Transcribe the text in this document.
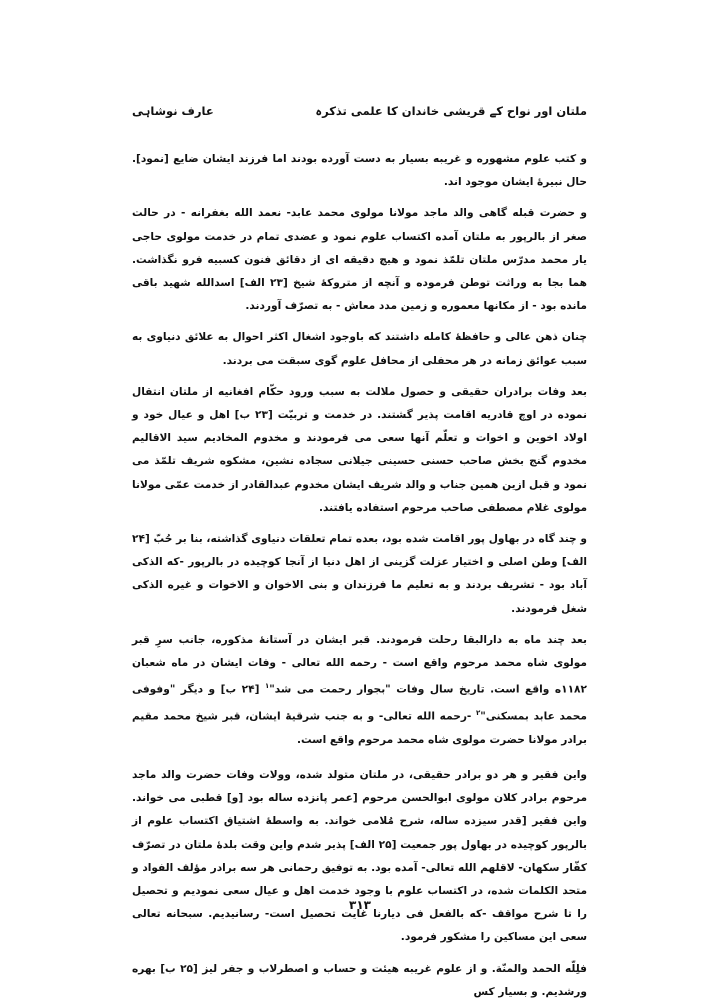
ملتان اور نواح کے قریشی خاندان کا علمی تذکرہ
عارف نوشاہی

و کتب علوم مشهوره و غریبه بسیار به دست آورده بودند اما فرزند ایشان ضایع [نمود]. حال نبیرهٔ ایشان موجود اند.

و حضرت قبله گاهی والد ماجد مولانا مولوی محمد عابد- نعمد الله بغفرانه - در حالت صغر از بالرپور به ملتان آمده اکتساب علوم نمود و عضدی تمام در خدمت مولوی حاجی یار محمد مدرّس ملتان تلمّذ نمود و هیچ دقیقه ای از دقائق فنون کسبیه فرو نگذاشت. هما بجا به وراثت توطن فرموده و آنچه از متروکهٔ شیخ [۲۳ الف] اسدالله شهید باقی مانده بود - از مکانها معموره و زمین مدد معاش - به تصرّف آوردند.

چنان ذهن عالی و حافظهٔ کامله داشتند که باوجود اشغال اکثر احوال به علائق دنیاوی به سبب عوائق زمانه در هر محفلی از محافل علوم گوی سبقت می بردند.

بعد وفات برادران حقیقی و حصول ملالت به سبب ورود حکّام افغانیه از ملتان انتقال نموده در اوچ قادریه اقامت پذیر گشتند. در خدمت و تربیّت [۲۳ ب] اهل و عیال خود و اولاد اخوین و اخوات و تعلّم آنها سعی می فرمودند و مخدوم المخادیم سید الاقالیم مخدوم گنج بخش صاحب حسنی حسینی جیلانی سجاده نشین، مشکوه شریف تلمّذ می نمود و قبل ازین همین جناب و والد شریف ایشان مخدوم عبدالقادر از خدمت عمّی مولانا مولوی غلام مصطفی صاحب مرحوم استفاده یافتند.

و چند گاه در بهاول پور اقامت شده بود، بعده تمام تعلقات دنیاوی گذاشته، بنا بر حُبّ [۲۴ الف] وطن اصلی و اختیار عزلت گزینی از اهل دنیا از آنجا کوچیده در بالرپور -که الذکی آباد بود - تشریف بردند و به تعلیم ما فرزندان و بنی الاخوان و الاخوات و غیره الذکی شغل فرمودند.

بعد چند ماه به دارالبقا رحلت فرمودند. قبر ایشان در آستانهٔ مذکوره، جانب سرِ قبر مولوی شاه محمد مرحوم واقع است - رحمه الله تعالی - وفات ایشان در ماه شعبان ۱۱۸۲ه واقع است. تاریخ سال وفات "بجوار رحمت می شد"$^۱$ [۲۴ ب] و دیگر "وفوفی محمد عابد بمسکنی"$^۲$ -رحمه الله تعالی- و به جنب شرقیهٔ ایشان، قبر شیخ محمد مقیم برادر مولانا حضرت مولوی شاه محمد مرحوم واقع است.

واین فقیر و هر دو برادر حقیقی، در ملتان متولد شده، وولات وفات حضرت والد ماجد مرحوم برادر کلان مولوی ابوالحسن مرحوم [عمر پانزده ساله بود [و] قطبی می خواند. واین فقیر [قدر سیزده ساله، شرح مُلامی خواند. به واسطهٔ اشتیاق اکتساب علوم از بالرپور کوچیده در بهاول پور جمعیت [۲۵ الف] پذیر شدم واین وقت بلدهٔ ملتان در تصرّف کفّار سکهان- لاقلهم الله تعالی- آمده بود. به توفیق رحمانی هر سه برادر مؤلف الفواد و متحد الکلمات شده، در اکتساب علوم با وجود خدمت اهل و عیال سعی نمودیم و تحصیل را تا شرح مواقف -که بالفعل فی دیارنا غایت تحصیل است- رسانیدیم. سبحانه تعالی سعی این مساکین را مشکور فرمود.

فلِلّه الحمد والمنّة. و از علوم غریبه هیئت و حساب و اصطرلاب و جفر لیز [۲۵ ب] بهره ورشدیم. و بسیار کس

۳۱۳
